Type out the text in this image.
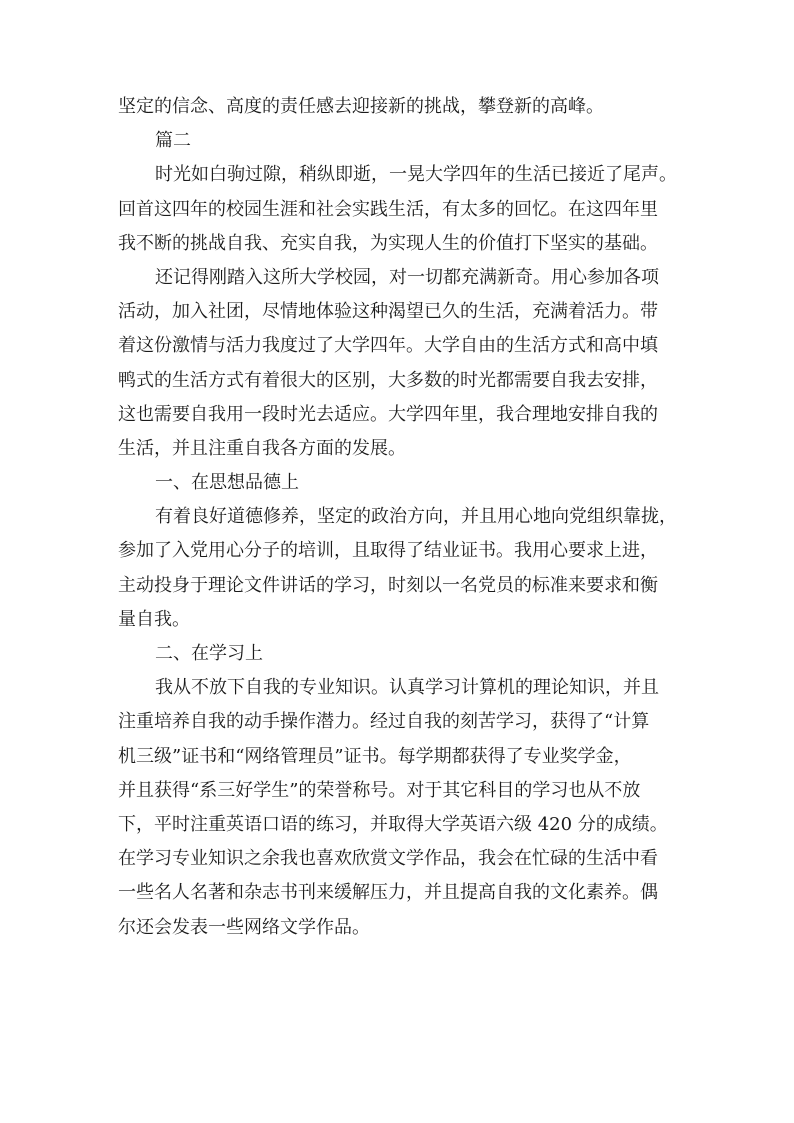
坚定的信念、高度的责任感去迎接新的挑战，攀登新的高峰。
篇二
时光如白驹过隙，稍纵即逝，一晃大学四年的生活已接近了尾声。
回首这四年的校园生涯和社会实践生活，有太多的回忆。在这四年里
我不断的挑战自我、充实自我，为实现人生的价值打下坚实的基础。
还记得刚踏入这所大学校园，对一切都充满新奇。用心参加各项
活动，加入社团，尽情地体验这种渴望已久的生活，充满着活力。带
着这份激情与活力我度过了大学四年。大学自由的生活方式和高中填
鸭式的生活方式有着很大的区别，大多数的时光都需要自我去安排，
这也需要自我用一段时光去适应。大学四年里，我合理地安排自我的
生活，并且注重自我各方面的发展。
一、在思想品德上
有着良好道德修养，坚定的政治方向，并且用心地向党组织靠拢，
参加了入党用心分子的培训，且取得了结业证书。我用心要求上进，
主动投身于理论文件讲话的学习，时刻以一名党员的标准来要求和衡
量自我。
二、在学习上
我从不放下自我的专业知识。认真学习计算机的理论知识，并且
注重培养自我的动手操作潜力。经过自我的刻苦学习，获得了“计算
机三级”证书和“网络管理员”证书。每学期都获得了专业奖学金，
并且获得“系三好学生”的荣誉称号。对于其它科目的学习也从不放
下，平时注重英语口语的练习，并取得大学英语六级 420 分的成绩。
在学习专业知识之余我也喜欢欣赏文学作品，我会在忙碌的生活中看
一些名人名著和杂志书刊来缓解压力，并且提高自我的文化素养。偶
尔还会发表一些网络文学作品。
